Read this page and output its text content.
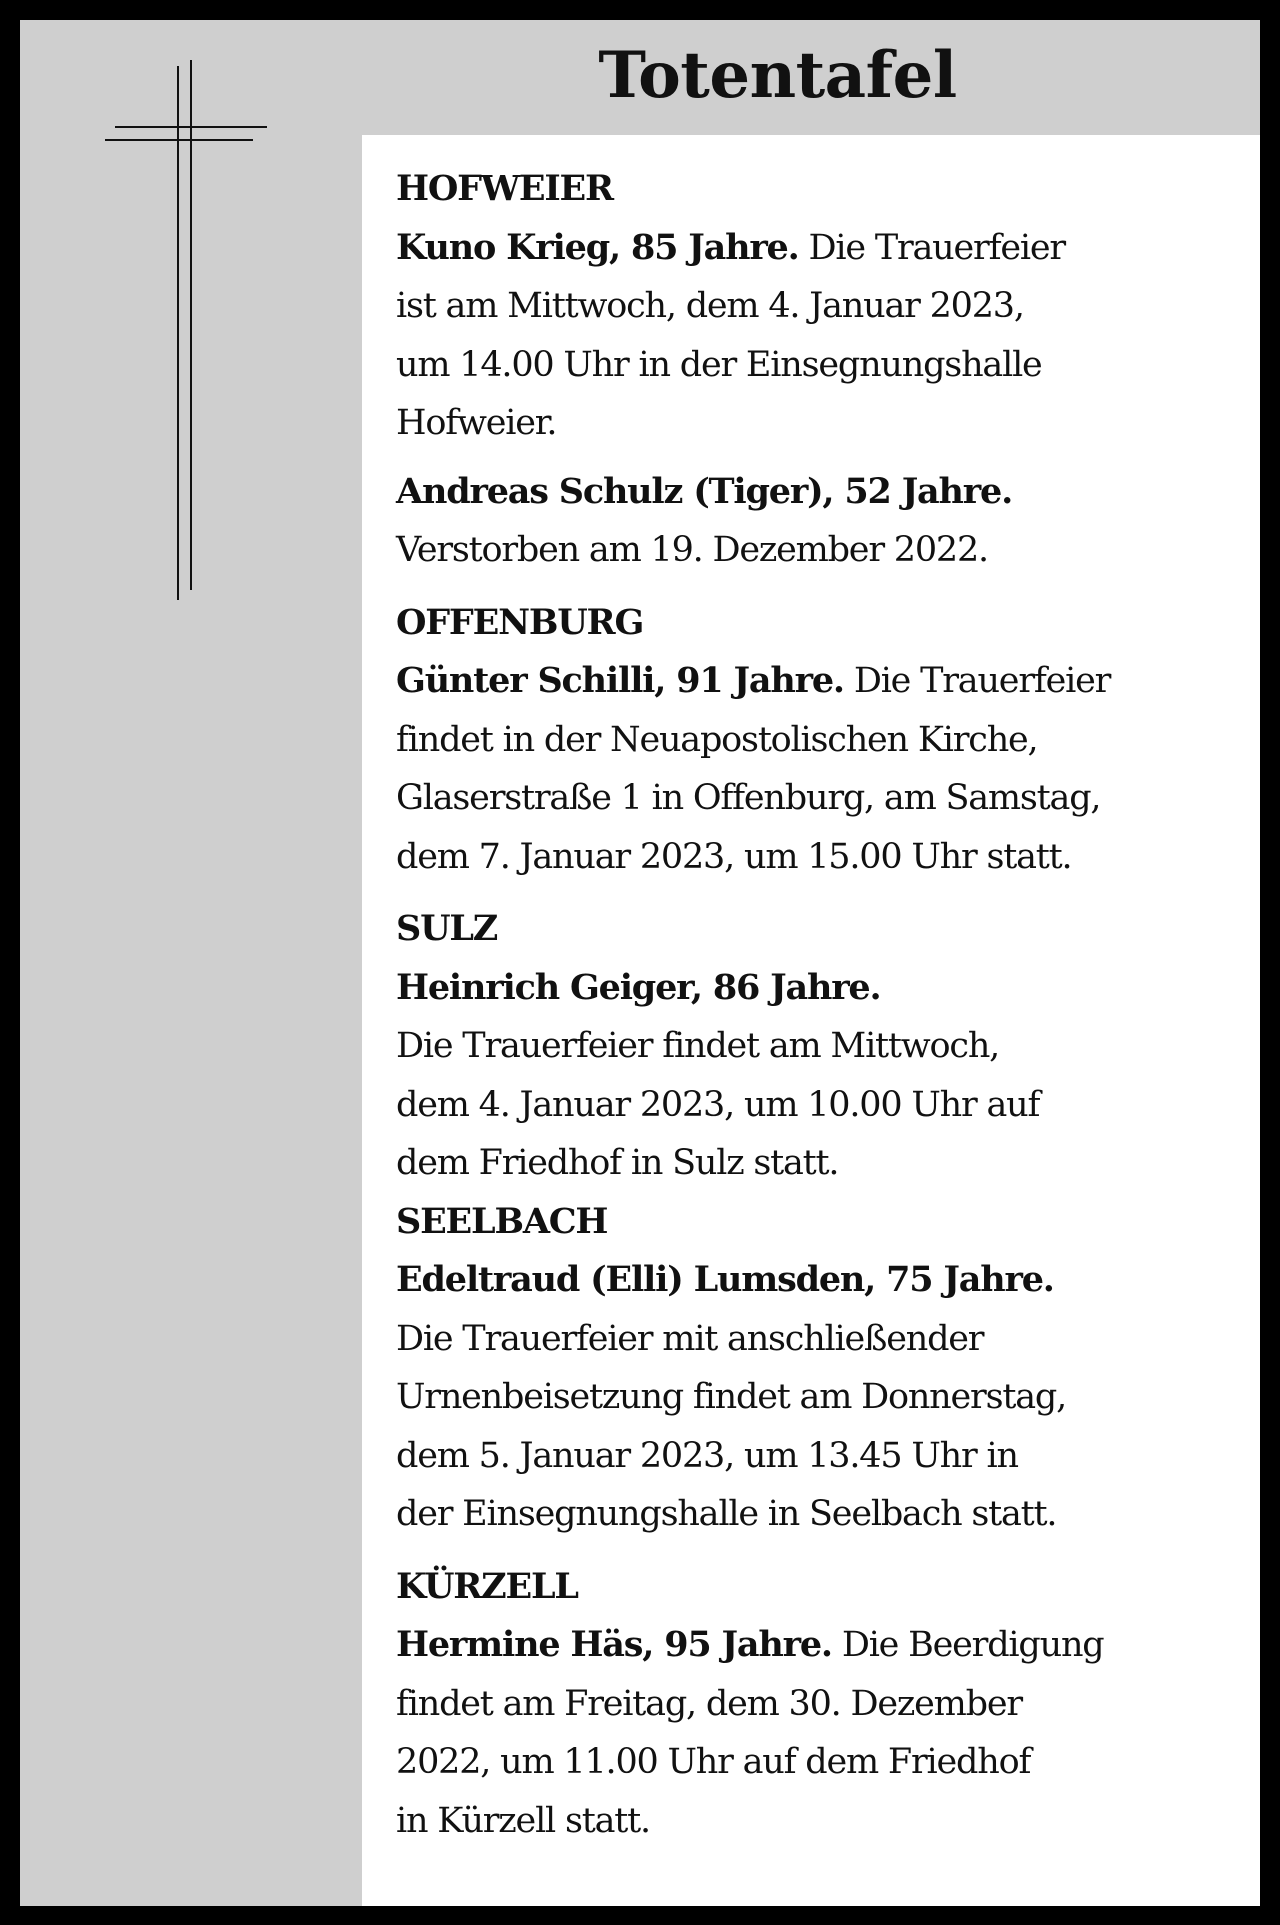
Totentafel
HOFWEIER
Kuno Krieg, 85 Jahre. Die Trauerfeier
ist am Mittwoch, dem 4. Januar 2023,
um 14.00 Uhr in der Einsegnungshalle
Hofweier.
Andreas Schulz (Tiger), 52 Jahre.
Verstorben am 19. Dezember 2022.
OFFENBURG
Günter Schilli, 91 Jahre. Die Trauerfeier
findet in der Neuapostolischen Kirche,
Glaserstraße 1 in Offenburg, am Samstag,
dem 7. Januar 2023, um 15.00 Uhr statt.
SULZ
Heinrich Geiger, 86 Jahre.
Die Trauerfeier findet am Mittwoch,
dem 4. Januar 2023, um 10.00 Uhr auf
dem Friedhof in Sulz statt.
SEELBACH
Edeltraud (Elli) Lumsden, 75 Jahre.
Die Trauerfeier mit anschließender
Urnenbeisetzung findet am Donnerstag,
dem 5. Januar 2023, um 13.45 Uhr in
der Einsegnungshalle in Seelbach statt.
KÜRZELL
Hermine Häs, 95 Jahre. Die Beerdigung
findet am Freitag, dem 30. Dezember
2022, um 11.00 Uhr auf dem Friedhof
in Kürzell statt.
